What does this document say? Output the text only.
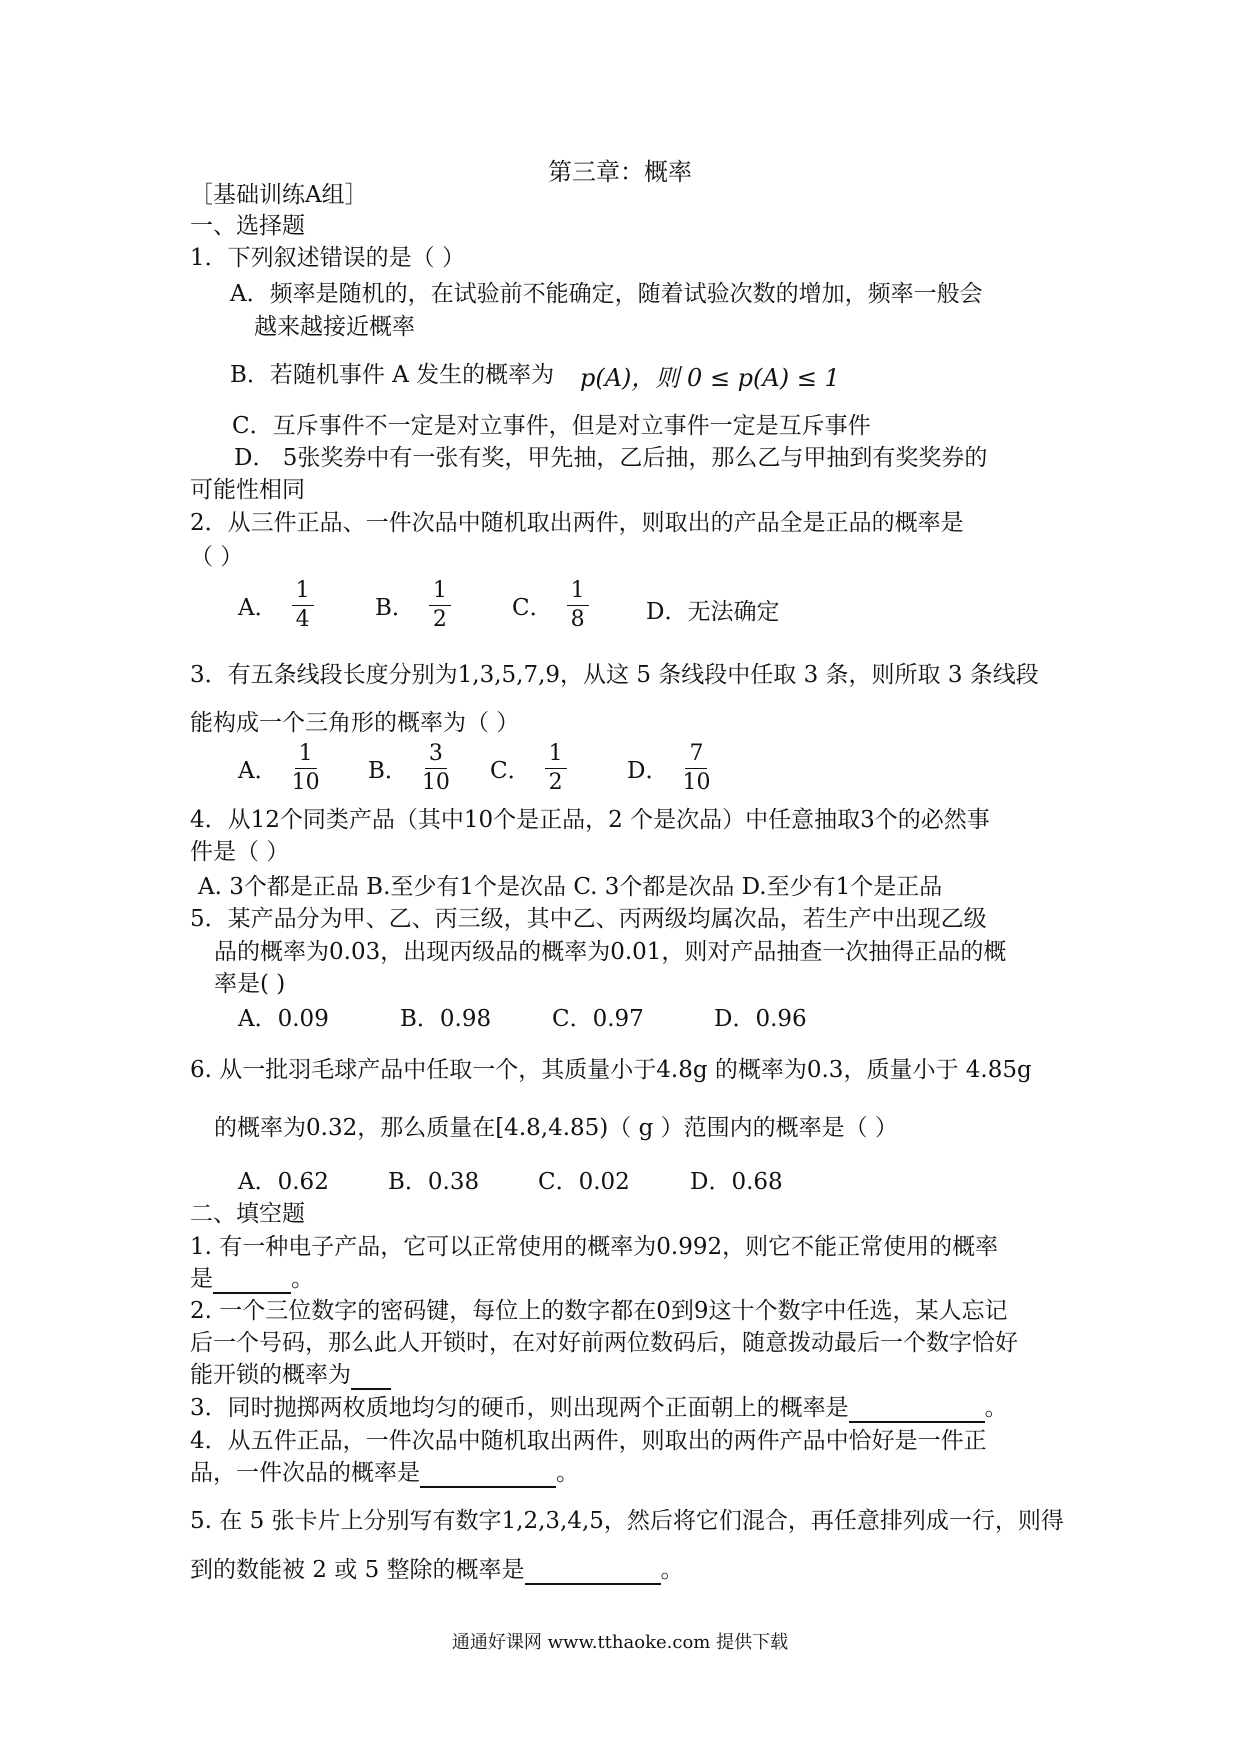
第三章：概率
［基础训练A组］
一、选择题
1．下列叙述错误的是（ ）
A．频率是随机的，在试验前不能确定，随着试验次数的增加，频率一般会
越来越接近概率
B．若随机事件 A 发生的概率为 p(A)，则 0 ≤ p(A) ≤ 1
C．互斥事件不一定是对立事件，但是对立事件一定是互斥事件
D． 5张奖券中有一张有奖，甲先抽，乙后抽，那么乙与甲抽到有奖奖券的
可能性相同
2．从三件正品、一件次品中随机取出两件，则取出的产品全是正品的概率是
（ ）
A． $\frac{1}{4}$	B． $\frac{1}{2}$	C． $\frac{1}{8}$ D．无法确定
3．有五条线段长度分别为1,3,5,7,9，从这 5 条线段中任取 3 条，则所取 3 条线段
能构成一个三角形的概率为（ ）
A． $\frac{1}{10}$ B． $\frac{3}{10}$ C． $\frac{1}{2}$	D． $\frac{7}{10}$
4．从12个同类产品（其中10个是正品，2 个是次品）中任意抽取3个的必然事
件是（ ）
A. 3个都是正品 B.至少有1个是次品 C. 3个都是次品 D.至少有1个是正品
5．某产品分为甲、乙、丙三级，其中乙、丙两级均属次品，若生产中出现乙级
品的概率为0.03，出现丙级品的概率为0.01，则对产品抽查一次抽得正品的概
率是( )
A．0.09	B．0.98	C．0.97	D．0.96
6. 从一批羽毛球产品中任取一个，其质量小于4.8g 的概率为0.3，质量小于 4.85g
的概率为0.32，那么质量在[4.8,4.85)（ g ）范围内的概率是（ ）
A．0.62	B．0.38	C．0.02	D．0.68
二、填空题
1. 有一种电子产品，它可以正常使用的概率为0.992，则它不能正常使用的概率
是	。
2. 一个三位数字的密码键，每位上的数字都在0到9这十个数字中任选，某人忘记
后一个号码，那么此人开锁时，在对好前两位数码后，随意拨动最后一个数字恰好
能开锁的概率为
3．同时抛掷两枚质地均匀的硬币，则出现两个正面朝上的概率是	。
4．从五件正品，一件次品中随机取出两件，则取出的两件产品中恰好是一件正
品，一件次品的概率是	。
5. 在 5 张卡片上分别写有数字1,2,3,4,5，然后将它们混合，再任意排列成一行，则得
到的数能被 2 或 5 整除的概率是	。
通通好课网 www.tthaoke.com 提供下载
